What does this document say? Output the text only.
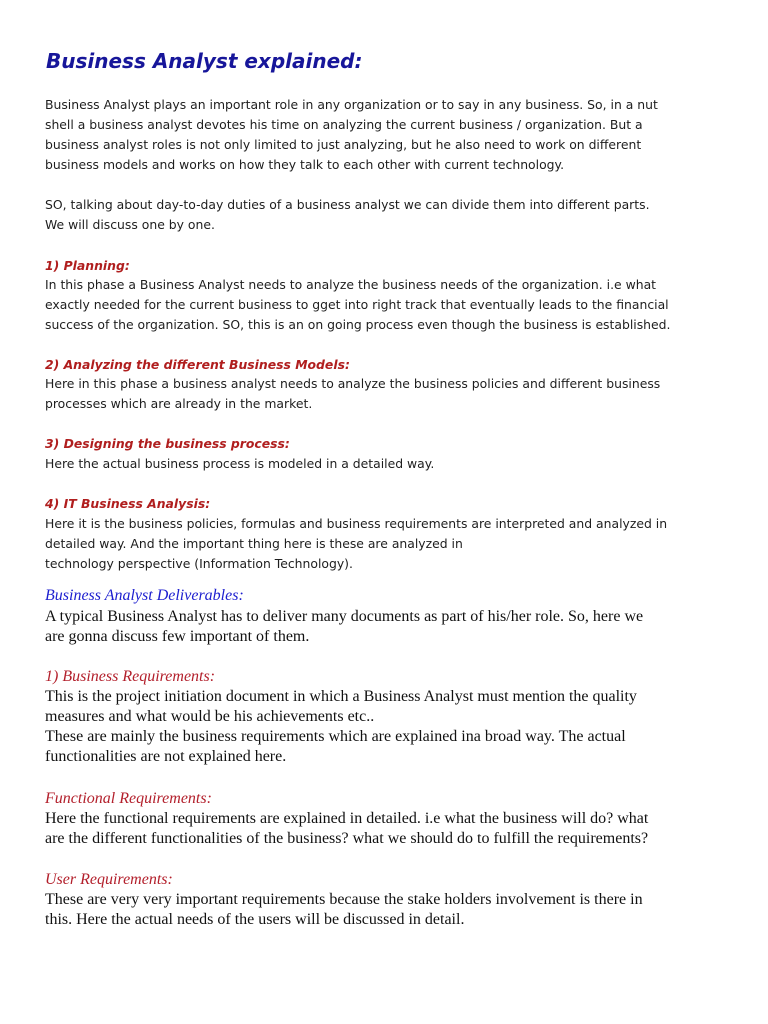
Business Analyst explained:

Business Analyst plays an important role in any organization or to say in any business. So, in a nut
shell a business analyst devotes his time on analyzing the current business / organization. But a
business analyst roles is not only limited to just analyzing, but he also need to work on different
business models and works on how they talk to each other with current technology.

SO, talking about day-to-day duties of a business analyst we can divide them into different parts.
We will discuss one by one.

1) Planning:

In this phase a Business Analyst needs to analyze the business needs of the organization. i.e what
exactly needed for the current business to gget into right track that eventually leads to the financial
success of the organization. SO, this is an on going process even though the business is established.

2) Analyzing the different Business Models:

Here in this phase a business analyst needs to analyze the business policies and different business
processes which are already in the market.

3) Designing the business process:

Here the actual business process is modeled in a detailed way.

4) IT Business Analysis:

Here it is the business policies, formulas and business requirements are interpreted and analyzed in
detailed way. And the important thing here is these are analyzed in
technology perspective (Information Technology).

Business Analyst Deliverables:

A typical Business Analyst has to deliver many documents as part of his/her role. So, here we
are gonna discuss few important of them.

1) Business Requirements:

This is the project initiation document in which a Business Analyst must mention the quality
measures and what would be his achievements etc..
These are mainly the business requirements which are explained ina broad way. The actual
functionalities are not explained here.

Functional Requirements:

Here the functional requirements are explained in detailed. i.e what the business will do? what
are the different functionalities of the business? what we should do to fulfill the requirements?

User Requirements:

These are very very important requirements because the stake holders involvement is there in
this. Here the actual needs of the users will be discussed in detail.
